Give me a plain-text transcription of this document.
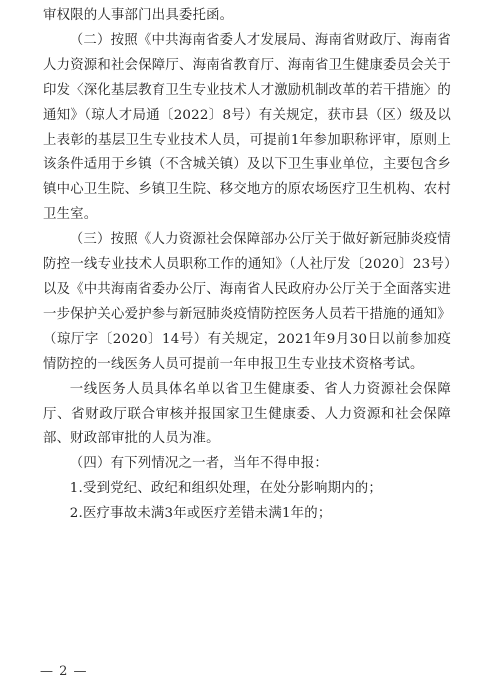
审权限的人事部门出具委托函。

（二）按照《中共海南省委人才发展局、海南省财政厅、海南省人力资源和社会保障厅、海南省教育厅、海南省卫生健康委员会关于印发〈深化基层教育卫生专业技术人才激励机制改革的若干措施〉的通知》（琼人才局通〔2022〕8号）有关规定，获市县（区）级及以上表彰的基层卫生专业技术人员，可提前1年参加职称评审，原则上该条件适用于乡镇（不含城关镇）及以下卫生事业单位，主要包含乡镇中心卫生院、乡镇卫生院、移交地方的原农场医疗卫生机构、农村卫生室。

（三）按照《人力资源社会保障部办公厅关于做好新冠肺炎疫情防控一线专业技术人员职称工作的通知》（人社厅发〔2020〕23号）以及《中共海南省委办公厅、海南省人民政府办公厅关于全面落实进一步保护关心爱护参与新冠肺炎疫情防控医务人员若干措施的通知》（琼厅字〔2020〕14号）有关规定，2021年9月30日以前参加疫情防控的一线医务人员可提前一年申报卫生专业技术资格考试。

一线医务人员具体名单以省卫生健康委、省人力资源社会保障厅、省财政厅联合审核并报国家卫生健康委、人力资源和社会保障部、财政部审批的人员为准。

（四）有下列情况之一者，当年不得申报：

1.受到党纪、政纪和组织处理，在处分影响期内的；

2.医疗事故未满3年或医疗差错未满1年的；

— 2 —
